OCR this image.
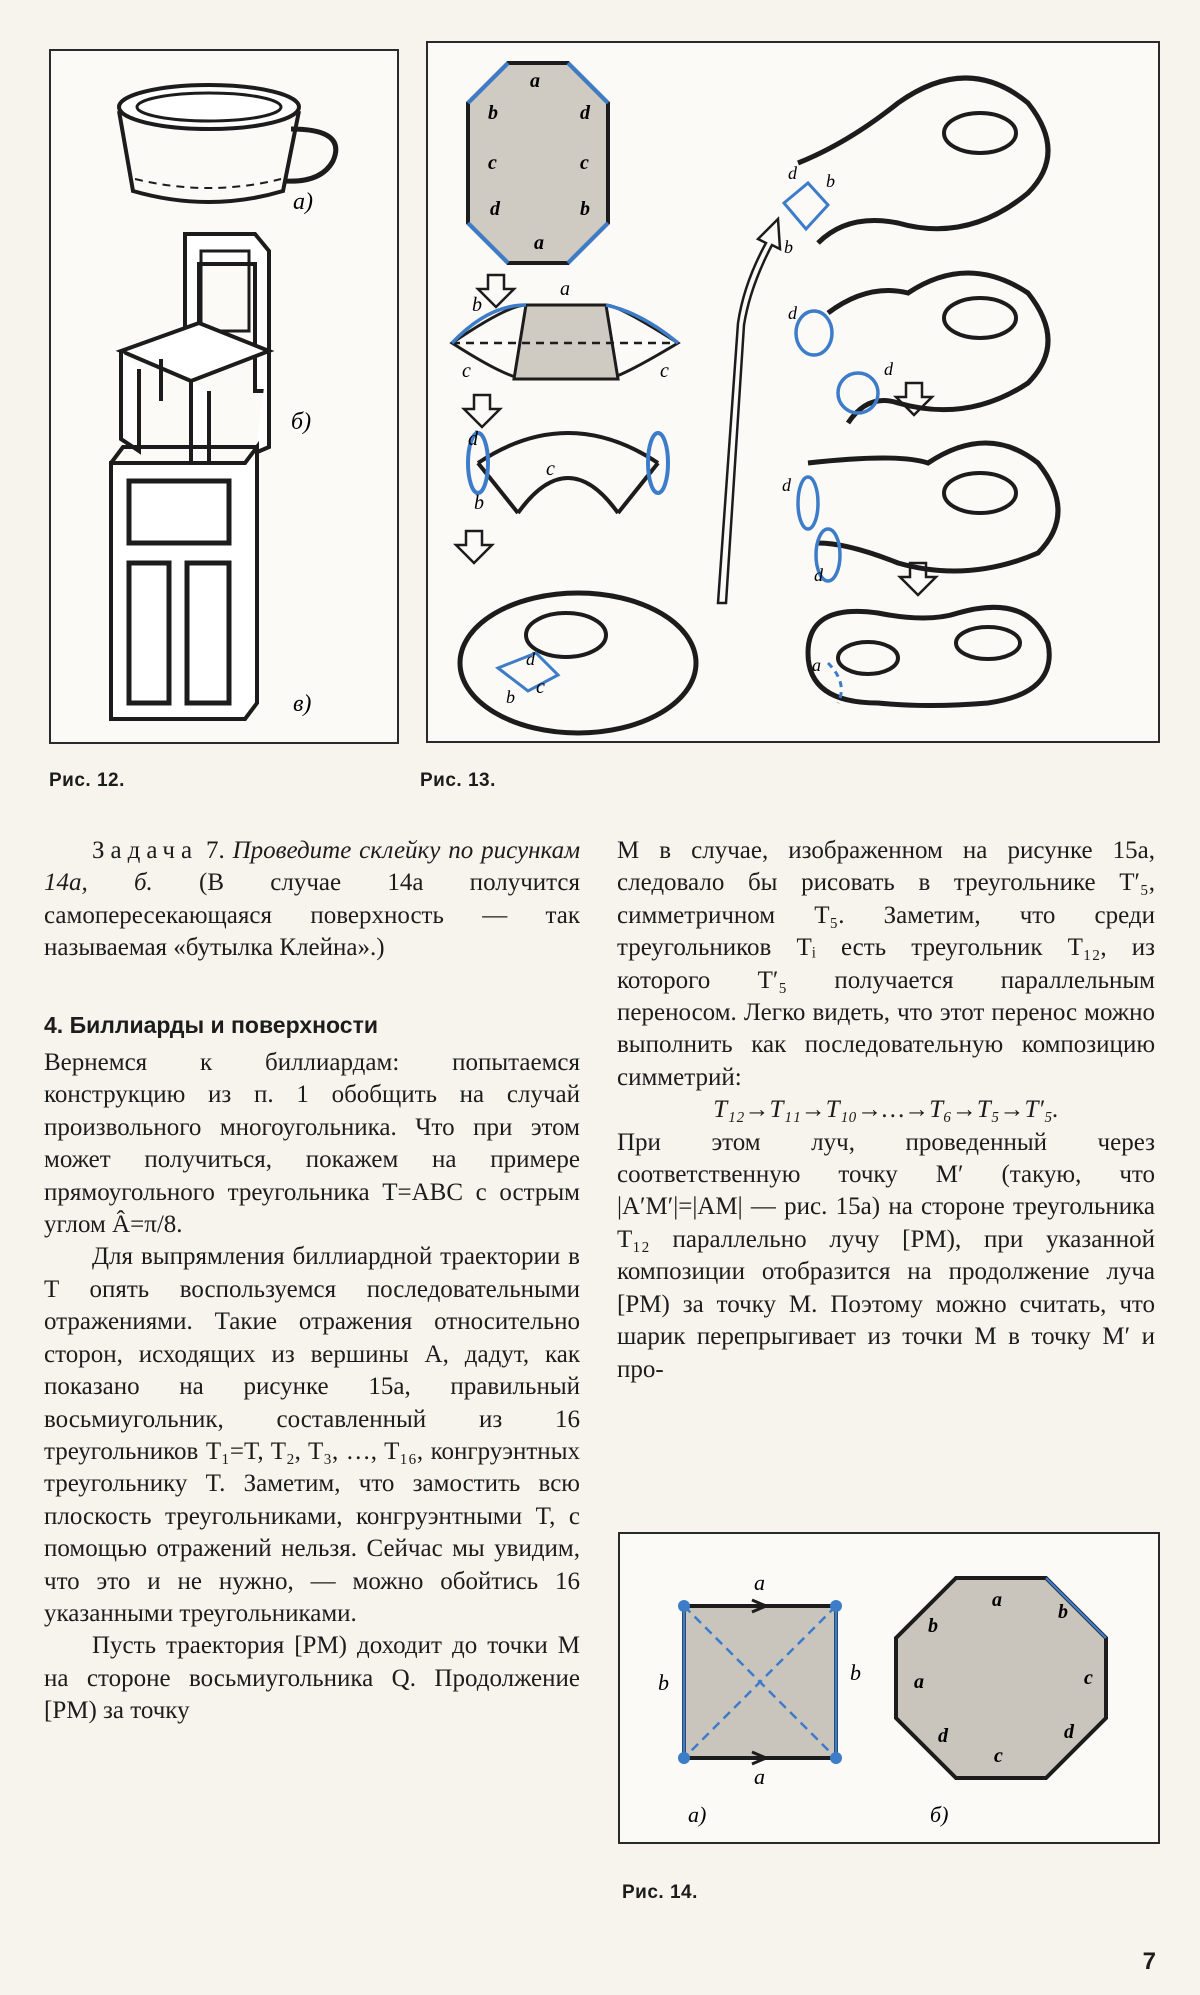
а)
б)
в)
Рис. 12.
a
b
c
d
a
d
c
b
a
b
c	c
d
c
b
d
c
b
d b
b
d
d
d
d
a
Рис. 13.

Задача 7. Проведите склейку по рисункам 14а, б. (В случае 14а получится самопересекающаяся поверхность — так называемая «бутылка Клейна».)

4. Биллиарды и поверхности

Вернемся к биллиардам: попытаемся конструкцию из п. 1 обобщить на случай произвольного многоугольника. Что при этом может получиться, покажем на примере прямоугольного треугольника T=ABC с острым углом Â=π/8.

Для выпрямления биллиардной траектории в T опять воспользуемся последовательными отражениями. Такие отражения относительно сторон, исходящих из вершины A, дадут, как показано на рисунке 15а, правильный восьмиугольник, составленный из 16 треугольников T₁=T, T₂, T₃, …, T₁₆, конгруэнтных треугольнику T. Заметим, что замостить всю плоскость треугольниками, конгруэнтными T, с помощью отражений нельзя. Сейчас мы увидим, что это и не нужно, — можно обойтись 16 указанными треугольниками.

Пусть траектория [PM) доходит до точки M на стороне восьмиугольника Q. Продолжение [PM) за точку

M в случае, изображенном на рисунке 15а, следовало бы рисовать в треугольнике T′₅, симметричном T₅. Заметим, что среди треугольников Tᵢ есть треугольник T₁₂, из которого T′₅ получается параллельным переносом. Легко видеть, что этот перенос можно выполнить как последовательную композицию симметрий:

T₁₂→T₁₁→T₁₀→…→T₆→T₅→T′₅.

При этом луч, проведенный через соответственную точку M′ (такую, что |A′M′|=|AM| — рис. 15а) на стороне треугольника T₁₂ параллельно лучу [PM), при указанной композиции отобразится на продолжение луча [PM) за точку M. Поэтому можно считать, что шарик перепрыгивает из точки M в точку M′ и про-

a
b	b
a
a
b
c
a
b
c
d	d
а)	б)
Рис. 14.
7
